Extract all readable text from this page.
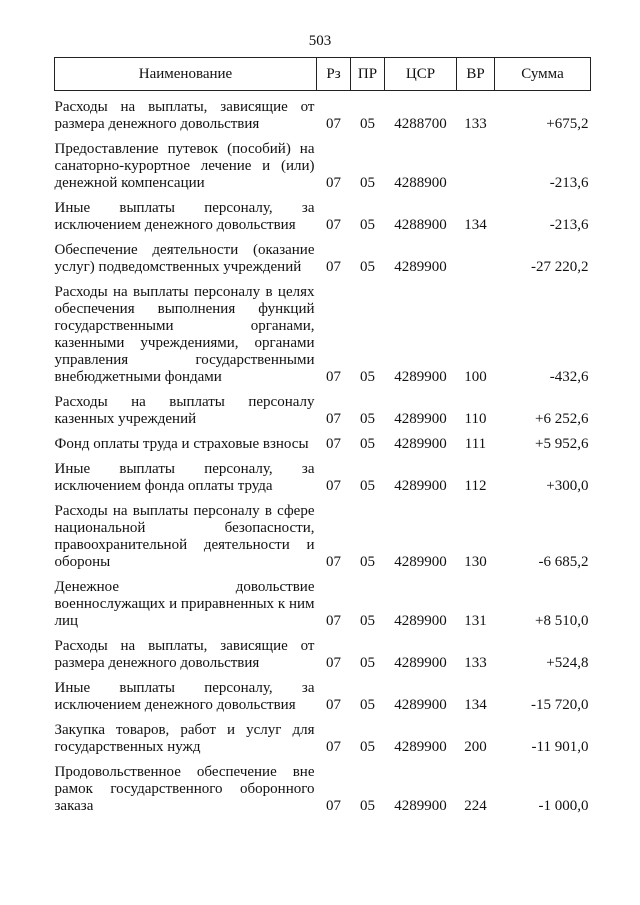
503
Наименование	Рз	ПР	ЦСР	ВР	Сумма
Расходы на выплаты, зависящие от размера денежного довольствия	07	05	4288700	133	+675,2
Предоставление путевок (пособий) на санаторно-курортное лечение и (или) денежной компенсации	07	05	4288900		-213,6
Иные выплаты персоналу, за исключением денежного довольствия	07	05	4288900	134	-213,6
Обеспечение деятельности (оказание услуг) подведомственных учреждений	07	05	4289900		-27 220,2
Расходы на выплаты персоналу в целях обеспечения выполнения функций государственными органами, казенными учреждениями, органами управления государственными внебюджетными фондами	07	05	4289900	100	-432,6
Расходы на выплаты персоналу казенных учреждений	07	05	4289900	110	+6 252,6
Фонд оплаты труда и страховые взносы	07	05	4289900	111	+5 952,6
Иные выплаты персоналу, за исключением фонда оплаты труда	07	05	4289900	112	+300,0
Расходы на выплаты персоналу в сфере национальной безопасности, правоохранительной деятельности и обороны	07	05	4289900	130	-6 685,2
Денежное довольствие военнослужащих и приравненных к ним лиц	07	05	4289900	131	+8 510,0
Расходы на выплаты, зависящие от размера денежного довольствия	07	05	4289900	133	+524,8
Иные выплаты персоналу, за исключением денежного довольствия	07	05	4289900	134	-15 720,0
Закупка товаров, работ и услуг для государственных нужд	07	05	4289900	200	-11 901,0
Продовольственное обеспечение вне рамок государственного оборонного заказа	07	05	4289900	224	-1 000,0
